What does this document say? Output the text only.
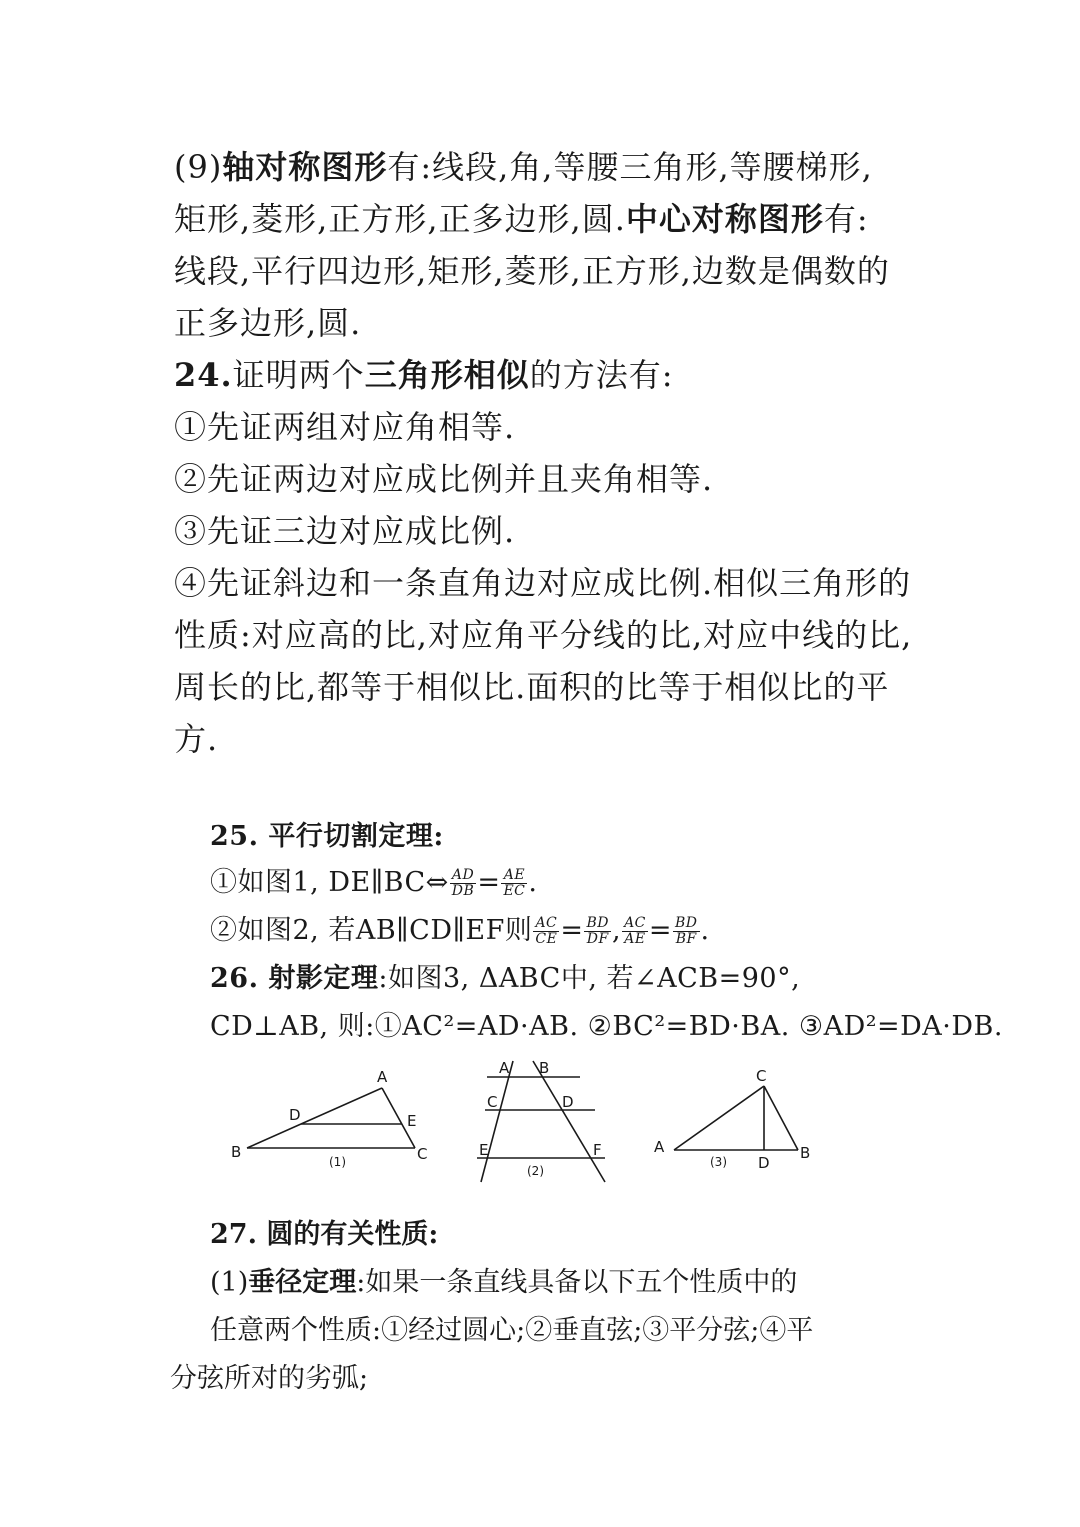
(9)轴对称图形有:线段,角,等腰三角形,等腰梯形,
矩形,菱形,正方形,正多边形,圆.中心对称图形有:
线段,平行四边形,矩形,菱形,正方形,边数是偶数的
正多边形,圆.
24.证明两个三角形相似的方法有:
①先证两组对应角相等.
②先证两边对应成比例并且夹角相等.
③先证三边对应成比例.
④先证斜边和一条直角边对应成比例.相似三角形的
性质:对应高的比,对应角平分线的比,对应中线的比,
周长的比,都等于相似比.面积的比等于相似比的平
方.
25. 平行切割定理:
①如图1, DE∥BC⇔ $\frac{AD}{DB} = \frac{AE}{EC}$ .
②如图2, 若AB∥CD∥EF则 $\frac{AC}{CE} = \frac{BD}{DF}$ , $\frac{AC}{AE} = \frac{BD}{BF}$ .
26. 射影定理:如图3, ΔABC中, 若∠ACB=90°,
CD⊥AB, 则:①AC²=AD·AB. ②BC²=BD·BA. ③AD²=DA·DB.
A
B	C
D	E
(1)
A B
C	D
E	F
(2)
C
A	B
D
(3)
27. 圆的有关性质:
(1)垂径定理:如果一条直线具备以下五个性质中的
任意两个性质:①经过圆心;②垂直弦;③平分弦;④平
分弦所对的劣弧;
